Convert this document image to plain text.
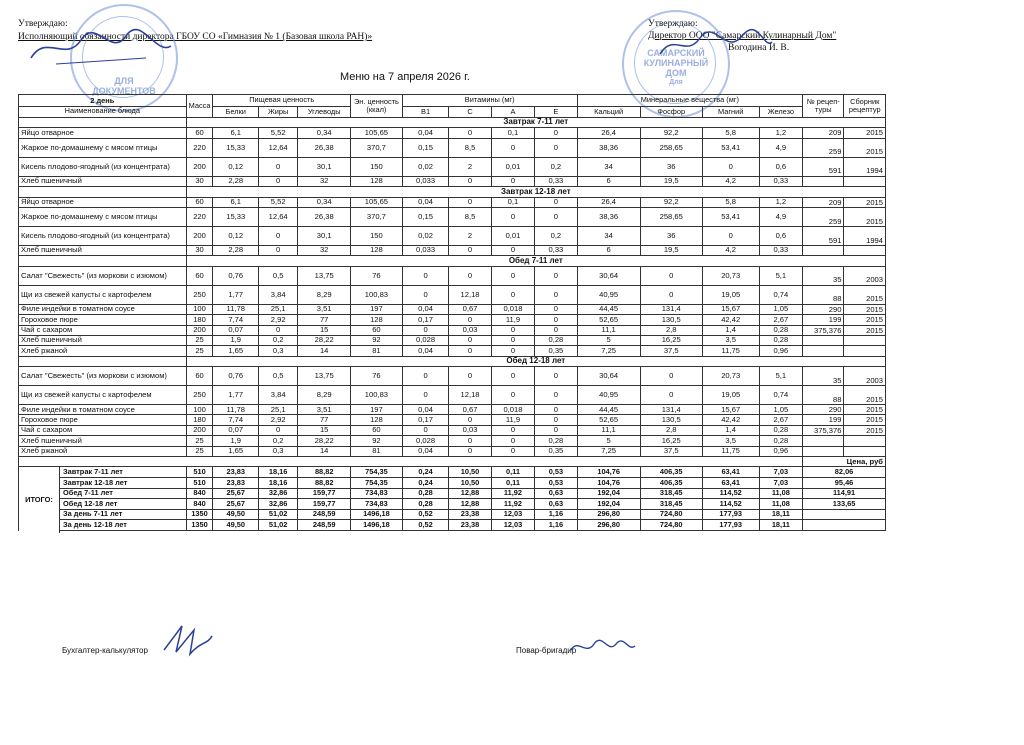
Утверждаю:
Исполняющий обязанности директора ГБОУ СО «Гимназия № 1 (Базовая школа РАН)»
Утверждаю:
Директор ООО "Самарский Кулинарный Дом"
Вогодина И. В.
ДЛЯ
ДОКУМЕНТОВ
САМАРСКИЙ
КУЛИНАРНЫЙ ДОМ
Для
Меню на 7 апреля 2026 г.
2 день
Наименование блюда	Масса	Пищевая ценность			Эн. ценность (ккал)	Витамины (мг)				Минеральные вещества (мг)				№ рецеп-туры	Сборник рецептур
		Белки	Жиры	Углеводы		В1	С	А	Е	Кальций	Фосфор	Магний	Железо		
	Завтрак 7-11 лет														
Яйцо отварное	60	6,1	5,52	0,34	105,65	0,04	0	0,1	0	26,4	92,2	5,8	1,2	209	2015
Жаркое по-домашнему с мясом птицы	220	15,33	12,64	26,38	370,7	0,15	8,5	0	0	38,36	258,65	53,41	4,9	259	2015
Кисель плодово-ягодный (из концентрата)	200	0,12	0	30,1	150	0,02	2	0,01	0,2	34	36	0	0,6	591	1994
Хлеб пшеничный	30	2,28	0	32	128	0,033	0	0	0,33	6	19,5	4,2	0,33		
	Завтрак 12-18 лет														
Яйцо отварное	60	6,1	5,52	0,34	105,65	0,04	0	0,1	0	26,4	92,2	5,8	1,2	209	2015
Жаркое по-домашнему с мясом птицы	220	15,33	12,64	26,38	370,7	0,15	8,5	0	0	38,36	258,65	53,41	4,9	259	2015
Кисель плодово-ягодный (из концентрата)	200	0,12	0	30,1	150	0,02	2	0,01	0,2	34	36	0	0,6	591	1994
Хлеб пшеничный	30	2,28	0	32	128	0,033	0	0	0,33	6	19,5	4,2	0,33		
	Обед 7-11 лет														
Салат "Свежесть" (из моркови с изюмом)	60	0,76	0,5	13,75	76	0	0	0	0	30,64	0	20,73	5,1	35	2003
Щи из свежей капусты с картофелем	250	1,77	3,84	8,29	100,83	0	12,18	0	0	40,95	0	19,05	0,74	88	2015
Филе индейки в томатном соусе	100	11,78	25,1	3,51	197	0,04	0,67	0,018	0	44,45	131,4	15,67	1,05	290	2015
Гороховое пюре	180	7,74	2,92	77	128	0,17	0	11,9	0	52,65	130,5	42,42	2,67	199	2015
Чай с сахаром	200	0,07	0	15	60	0	0,03	0	0	11,1	2,8	1,4	0,28	375,376	2015
Хлеб пшеничный	25	1,9	0,2	28,22	92	0,028	0	0	0,28	5	16,25	3,5	0,28		
Хлеб ржаной	25	1,65	0,3	14	81	0,04	0	0	0,35	7,25	37,5	11,75	0,96		
	Обед 12-18 лет														
Салат "Свежесть" (из моркови с изюмом)	60	0,76	0,5	13,75	76	0	0	0	0	30,64	0	20,73	5,1	35	2003
Щи из свежей капусты с картофелем	250	1,77	3,84	8,29	100,83	0	12,18	0	0	40,95	0	19,05	0,74	88	2015
Филе индейки в томатном соусе	100	11,78	25,1	3,51	197	0,04	0,67	0,018	0	44,45	131,4	15,67	1,05	290	2015
Гороховое пюре	180	7,74	2,92	77	128	0,17	0	11,9	0	52,65	130,5	42,42	2,67	199	2015
Чай с сахаром	200	0,07	0	15	60	0	0,03	0	0	11,1	2,8	1,4	0,28	375,376	2015
Хлеб пшеничный	25	1,9	0,2	28,22	92	0,028	0	0	0,28	5	16,25	3,5	0,28		
Хлеб ржаной	25	1,65	0,3	14	81	0,04	0	0	0,35	7,25	37,5	11,75	0,96		
														Цена, руб	

ИТОГО:
Завтрак 7-11 лет	510	23,83	18,16	88,82	754,35	0,24	10,50	0,11	0,53	104,76	406,35	63,41	7,03	82,06	
Завтрак 12-18 лет	510	23,83	18,16	88,82	754,35	0,24	10,50	0,11	0,53	104,76	406,35	63,41	7,03	95,46	
Обед 7-11 лет	840	25,67	32,86	159,77	734,83	0,28	12,88	11,92	0,63	192,04	318,45	114,52	11,08	114,91	
Обед 12-18 лет	840	25,67	32,86	159,77	734,83	0,28	12,88	11,92	0,63	192,04	318,45	114,52	11,08	133,65	
За день 7-11 лет	1350	49,50	51,02	248,59	1496,18	0,52	23,38	12,03	1,16	296,80	724,80	177,93	18,11		
За день 12-18 лет	1350	49,50	51,02	248,59	1496,18	0,52	23,38	12,03	1,16	296,80	724,80	177,93	18,11		
Бухгалтер-калькулятор	Повар-бригадир
